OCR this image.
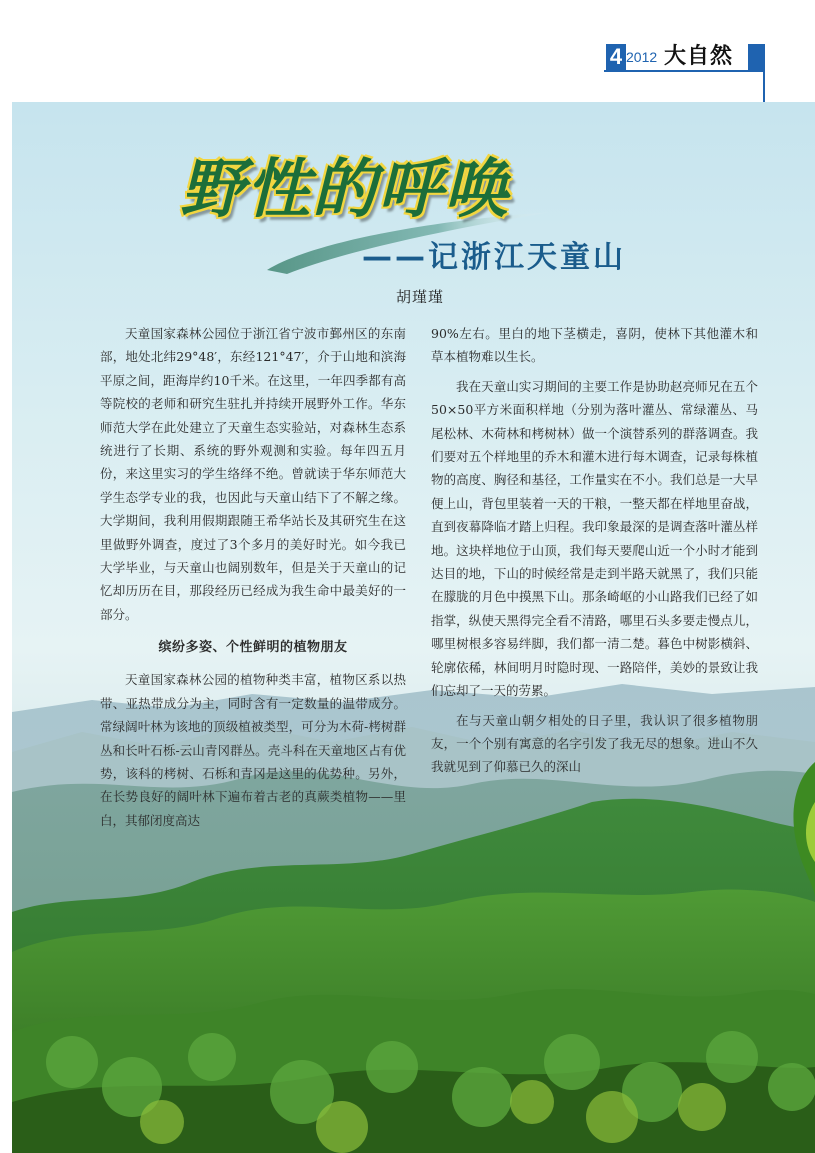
4 2012 大自然
野性的呼唤
——记浙江天童山
胡瑾瑾

天童国家森林公园位于浙江省宁波市鄞州区的东南部，地处北纬29°48′，东经121°47′，介于山地和滨海平原之间，距海岸约10千米。在这里，一年四季都有高等院校的老师和研究生驻扎并持续开展野外工作。华东师范大学在此处建立了天童生态实验站，对森林生态系统进行了长期、系统的野外观测和实验。每年四五月份，来这里实习的学生络绎不绝。曾就读于华东师范大学生态学专业的我，也因此与天童山结下了不解之缘。大学期间，我利用假期跟随王希华站长及其研究生在这里做野外调查，度过了3个多月的美好时光。如今我已大学毕业，与天童山也阔别数年，但是关于天童山的记忆却历历在目，那段经历已经成为我生命中最美好的一部分。

缤纷多姿、个性鲜明的植物朋友

天童国家森林公园的植物种类丰富，植物区系以热带、亚热带成分为主，同时含有一定数量的温带成分。常绿阔叶林为该地的顶级植被类型，可分为木荷-栲树群丛和长叶石栎-云山青冈群丛。壳斗科在天童地区占有优势，该科的栲树、石栎和青冈是这里的优势种。另外，在长势良好的阔叶林下遍布着古老的真蕨类植物——里白，其郁闭度高达

90%左右。里白的地下茎横走，喜阴，使林下其他灌木和草本植物难以生长。

我在天童山实习期间的主要工作是协助赵亮师兄在五个50×50平方米面积样地（分别为落叶灌丛、常绿灌丛、马尾松林、木荷林和栲树林）做一个演替系列的群落调查。我们要对五个样地里的乔木和灌木进行每木调查，记录每株植物的高度、胸径和基径，工作量实在不小。我们总是一大早便上山，背包里装着一天的干粮，一整天都在样地里奋战，直到夜幕降临才踏上归程。我印象最深的是调查落叶灌丛样地。这块样地位于山顶，我们每天要爬山近一个小时才能到达目的地，下山的时候经常是走到半路天就黑了，我们只能在朦胧的月色中摸黑下山。那条崎岖的小山路我们已经了如指掌，纵使天黑得完全看不清路，哪里石头多要走慢点儿，哪里树根多容易绊脚，我们都一清二楚。暮色中树影横斜、轮廓依稀，林间明月时隐时现、一路陪伴，美妙的景致让我们忘却了一天的劳累。

在与天童山朝夕相处的日子里，我认识了很多植物朋友，一个个别有寓意的名字引发了我无尽的想象。进山不久我就见到了仰慕已久的深山
